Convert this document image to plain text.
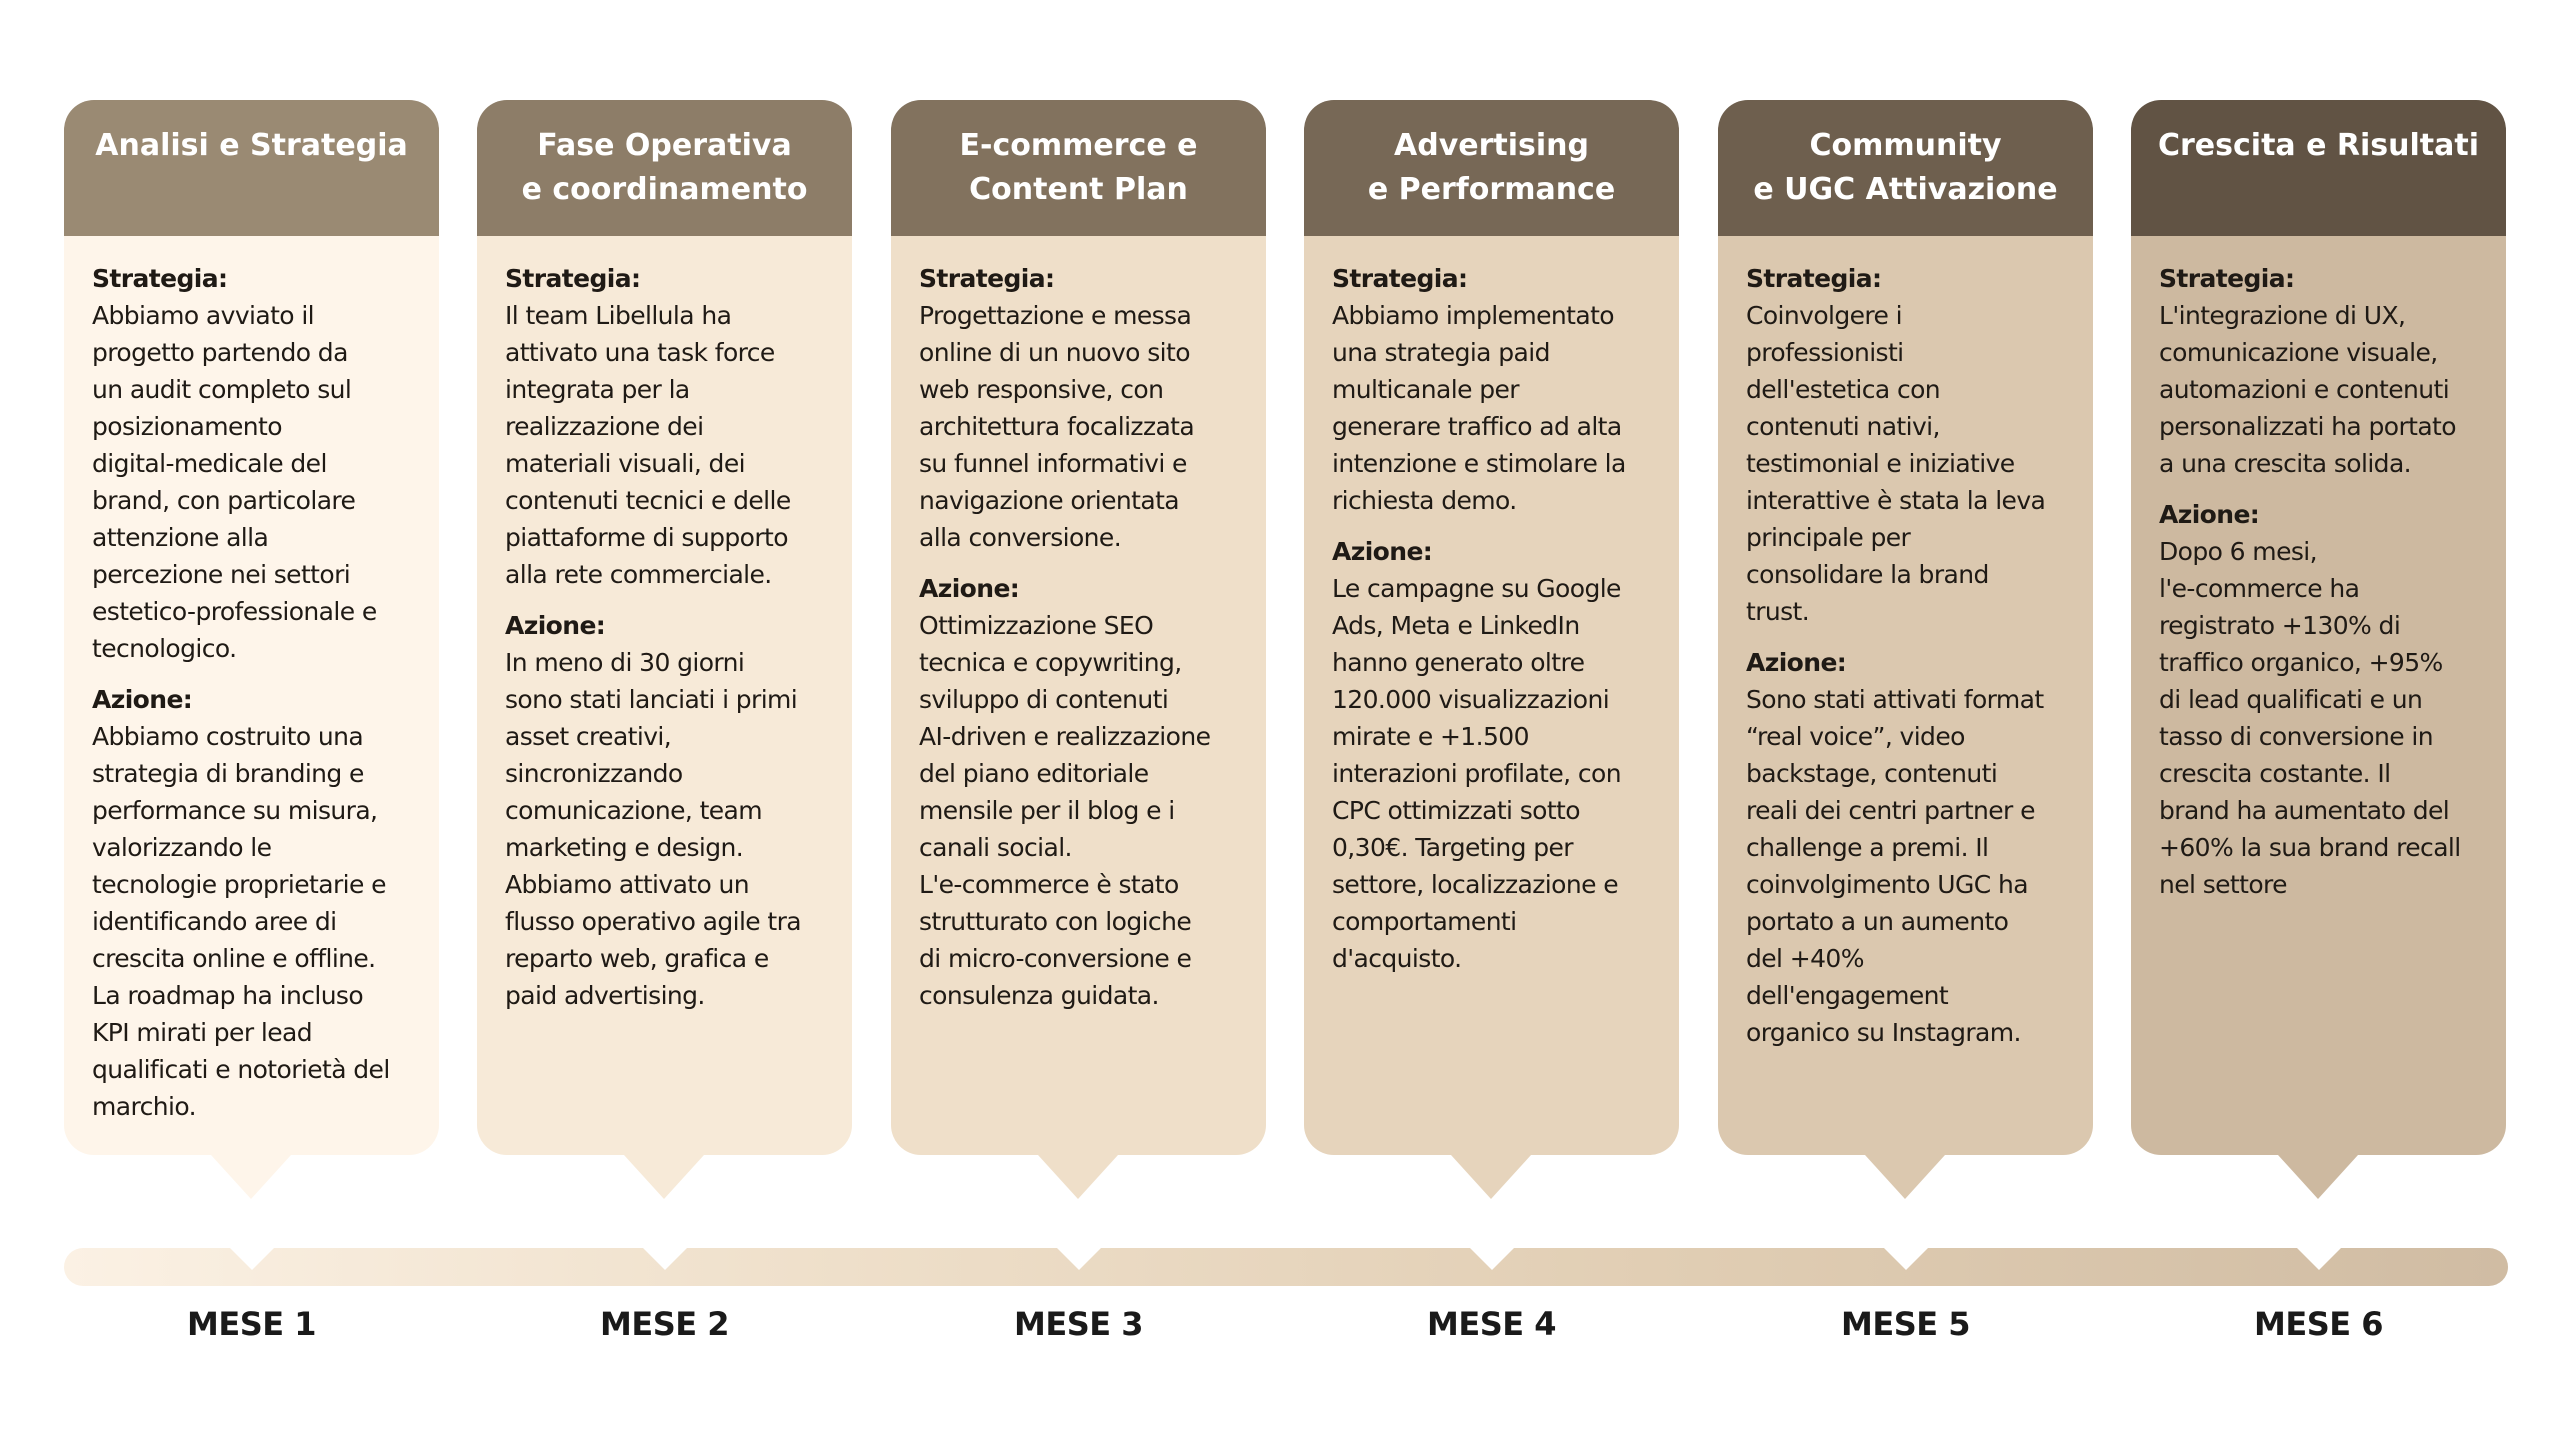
Analisi e Strategia
Strategia:
Abbiamo avviato il
progetto partendo da
un audit completo sul
posizionamento
digital-medicale del
brand, con particolare
attenzione alla
percezione nei settori
estetico-professionale e
tecnologico.
Azione:
Abbiamo costruito una
strategia di branding e
performance su misura,
valorizzando le
tecnologie proprietarie e
identificando aree di
crescita online e offline.
La roadmap ha incluso
KPI mirati per lead
qualificati e notorietà del
marchio.
Fase Operativa
e coordinamento
Strategia:
Il team Libellula ha
attivato una task force
integrata per la
realizzazione dei
materiali visuali, dei
contenuti tecnici e delle
piattaforme di supporto
alla rete commerciale.
Azione:
In meno di 30 giorni
sono stati lanciati i primi
asset creativi,
sincronizzando
comunicazione, team
marketing e design.
Abbiamo attivato un
flusso operativo agile tra
reparto web, grafica e
paid advertising.
E-commerce e
Content Plan
Strategia:
Progettazione e messa
online di un nuovo sito
web responsive, con
architettura focalizzata
su funnel informativi e
navigazione orientata
alla conversione.
Azione:
Ottimizzazione SEO
tecnica e copywriting,
sviluppo di contenuti
AI-driven e realizzazione
del piano editoriale
mensile per il blog e i
canali social.
L'e-commerce è stato
strutturato con logiche
di micro-conversione e
consulenza guidata.
Advertising
e Performance
Strategia:
Abbiamo implementato
una strategia paid
multicanale per
generare traffico ad alta
intenzione e stimolare la
richiesta demo.
Azione:
Le campagne su Google
Ads, Meta e LinkedIn
hanno generato oltre
120.000 visualizzazioni
mirate e +1.500
interazioni profilate, con
CPC ottimizzati sotto
0,30€. Targeting per
settore, localizzazione e
comportamenti
d'acquisto.
Community
e UGC Attivazione
Strategia:
Coinvolgere i
professionisti
dell'estetica con
contenuti nativi,
testimonial e iniziative
interattive è stata la leva
principale per
consolidare la brand
trust.
Azione:
Sono stati attivati format
“real voice”, video
backstage, contenuti
reali dei centri partner e
challenge a premi. Il
coinvolgimento UGC ha
portato a un aumento
del +40%
dell'engagement
organico su Instagram.
Crescita e Risultati
Strategia:
L'integrazione di UX,
comunicazione visuale,
automazioni e contenuti
personalizzati ha portato
a una crescita solida.
Azione:
Dopo 6 mesi,
l'e-commerce ha
registrato +130% di
traffico organico, +95%
di lead qualificati e un
tasso di conversione in
crescita costante. Il
brand ha aumentato del
+60% la sua brand recall
nel settore
MESE 1	MESE 2	MESE 3	MESE 4	MESE 5	MESE 6
